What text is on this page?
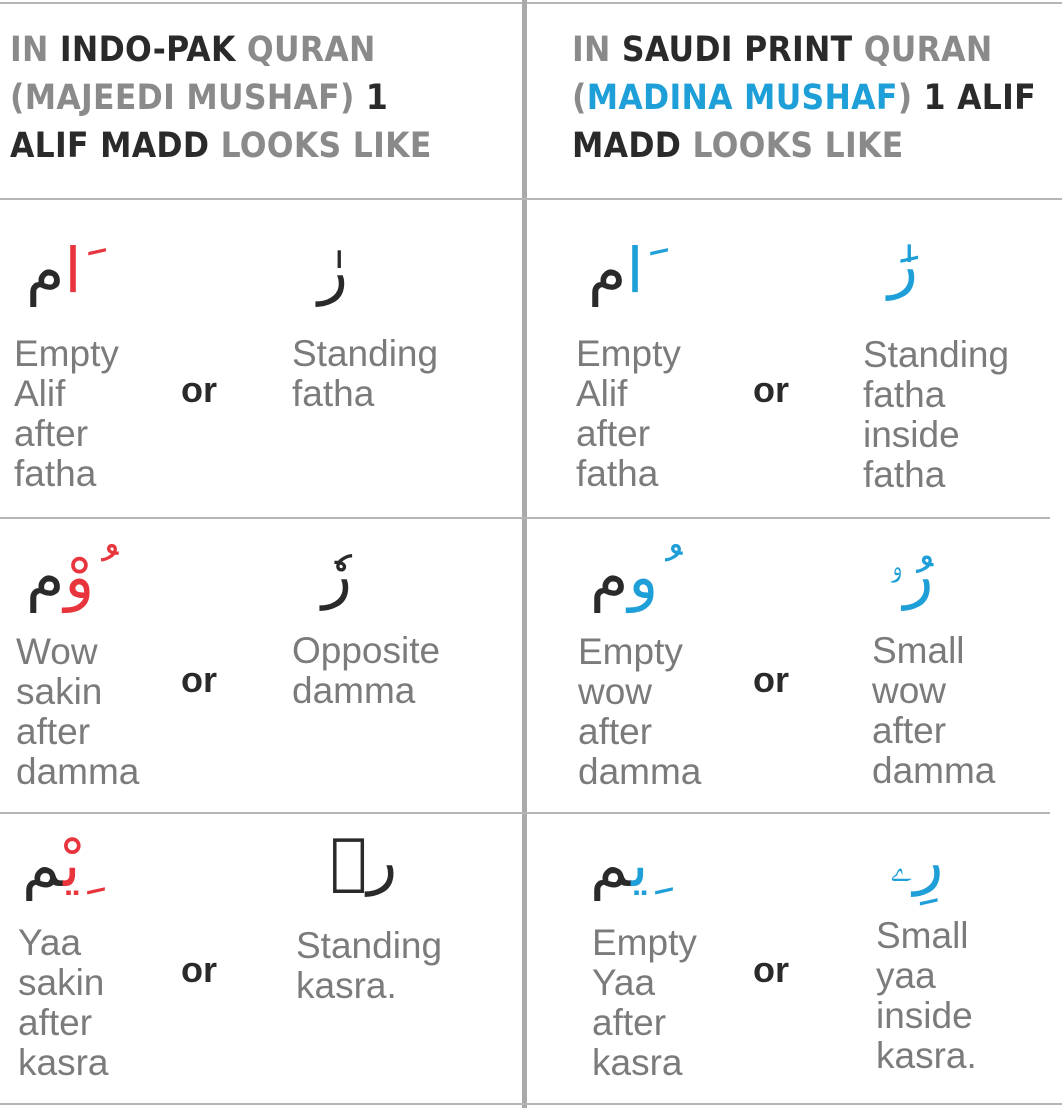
IN INDO-PAK QURAN
(MAJEEDI MUSHAF) 1
ALIF MADD LOOKS LIKE
IN SAUDI PRINT QURAN
(MADINA MUSHAF) 1 ALIF
MADD LOOKS LIKE
َام
Empty
Alif
after
fatha
or
رٰ
Standing
fatha
َام
Empty
Alif
after
fatha
or
رَٰ
Standing
fatha
inside
fatha
ُوْم
Wow
sakin
after
damma
or
رٗ
Opposite
damma
ُوم
Empty
wow
after
damma
or
رُۥ
Small
wow
after
damma
ِيْم
Yaa
sakin
after
kasra
or
رٖ
Standing
kasra.
ِيم
Empty
Yaa
after
kasra
or
رِۦ
Small
yaa
inside
kasra.
